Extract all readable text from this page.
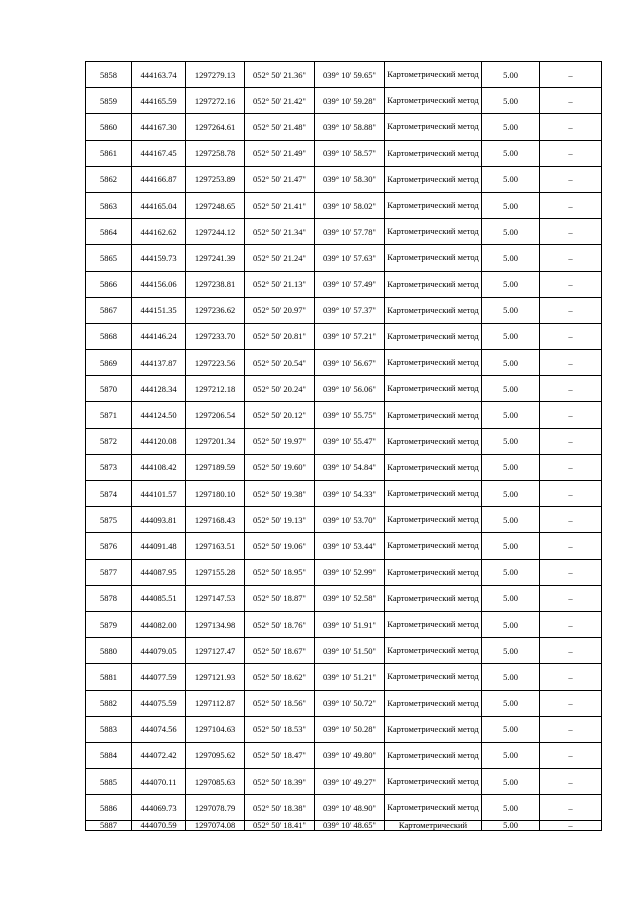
5858	444163.74	1297279.13	052° 50' 21.36"	039° 10' 59.65"	Картометрический метод	5.00	–
5859	444165.59	1297272.16	052° 50' 21.42"	039° 10' 59.28"	Картометрический метод	5.00	–
5860	444167.30	1297264.61	052° 50' 21.48"	039° 10' 58.88"	Картометрический метод	5.00	–
5861	444167.45	1297258.78	052° 50' 21.49"	039° 10' 58.57"	Картометрический метод	5.00	–
5862	444166.87	1297253.89	052° 50' 21.47"	039° 10' 58.30"	Картометрический метод	5.00	–
5863	444165.04	1297248.65	052° 50' 21.41"	039° 10' 58.02"	Картометрический метод	5.00	–
5864	444162.62	1297244.12	052° 50' 21.34"	039° 10' 57.78"	Картометрический метод	5.00	–
5865	444159.73	1297241.39	052° 50' 21.24"	039° 10' 57.63"	Картометрический метод	5.00	–
5866	444156.06	1297238.81	052° 50' 21.13"	039° 10' 57.49"	Картометрический метод	5.00	–
5867	444151.35	1297236.62	052° 50' 20.97"	039° 10' 57.37"	Картометрический метод	5.00	–
5868	444146.24	1297233.70	052° 50' 20.81"	039° 10' 57.21"	Картометрический метод	5.00	–
5869	444137.87	1297223.56	052° 50' 20.54"	039° 10' 56.67"	Картометрический метод	5.00	–
5870	444128.34	1297212.18	052° 50' 20.24"	039° 10' 56.06"	Картометрический метод	5.00	–
5871	444124.50	1297206.54	052° 50' 20.12"	039° 10' 55.75"	Картометрический метод	5.00	–
5872	444120.08	1297201.34	052° 50' 19.97"	039° 10' 55.47"	Картометрический метод	5.00	–
5873	444108.42	1297189.59	052° 50' 19.60"	039° 10' 54.84"	Картометрический метод	5.00	–
5874	444101.57	1297180.10	052° 50' 19.38"	039° 10' 54.33"	Картометрический метод	5.00	–
5875	444093.81	1297168.43	052° 50' 19.13"	039° 10' 53.70"	Картометрический метод	5.00	–
5876	444091.48	1297163.51	052° 50' 19.06"	039° 10' 53.44"	Картометрический метод	5.00	–
5877	444087.95	1297155.28	052° 50' 18.95"	039° 10' 52.99"	Картометрический метод	5.00	–
5878	444085.51	1297147.53	052° 50' 18.87"	039° 10' 52.58"	Картометрический метод	5.00	–
5879	444082.00	1297134.98	052° 50' 18.76"	039° 10' 51.91"	Картометрический метод	5.00	–
5880	444079.05	1297127.47	052° 50' 18.67"	039° 10' 51.50"	Картометрический метод	5.00	–
5881	444077.59	1297121.93	052° 50' 18.62"	039° 10' 51.21"	Картометрический метод	5.00	–
5882	444075.59	1297112.87	052° 50' 18.56"	039° 10' 50.72"	Картометрический метод	5.00	–
5883	444074.56	1297104.63	052° 50' 18.53"	039° 10' 50.28"	Картометрический метод	5.00	–
5884	444072.42	1297095.62	052° 50' 18.47"	039° 10' 49.80"	Картометрический метод	5.00	–
5885	444070.11	1297085.63	052° 50' 18.39"	039° 10' 49.27"	Картометрический метод	5.00	–
5886	444069.73	1297078.79	052° 50' 18.38"	039° 10' 48.90"	Картометрический метод	5.00	–
5887	444070.59	1297074.08	052° 50' 18.41"	039° 10' 48.65"	Картометрический	5.00	–
